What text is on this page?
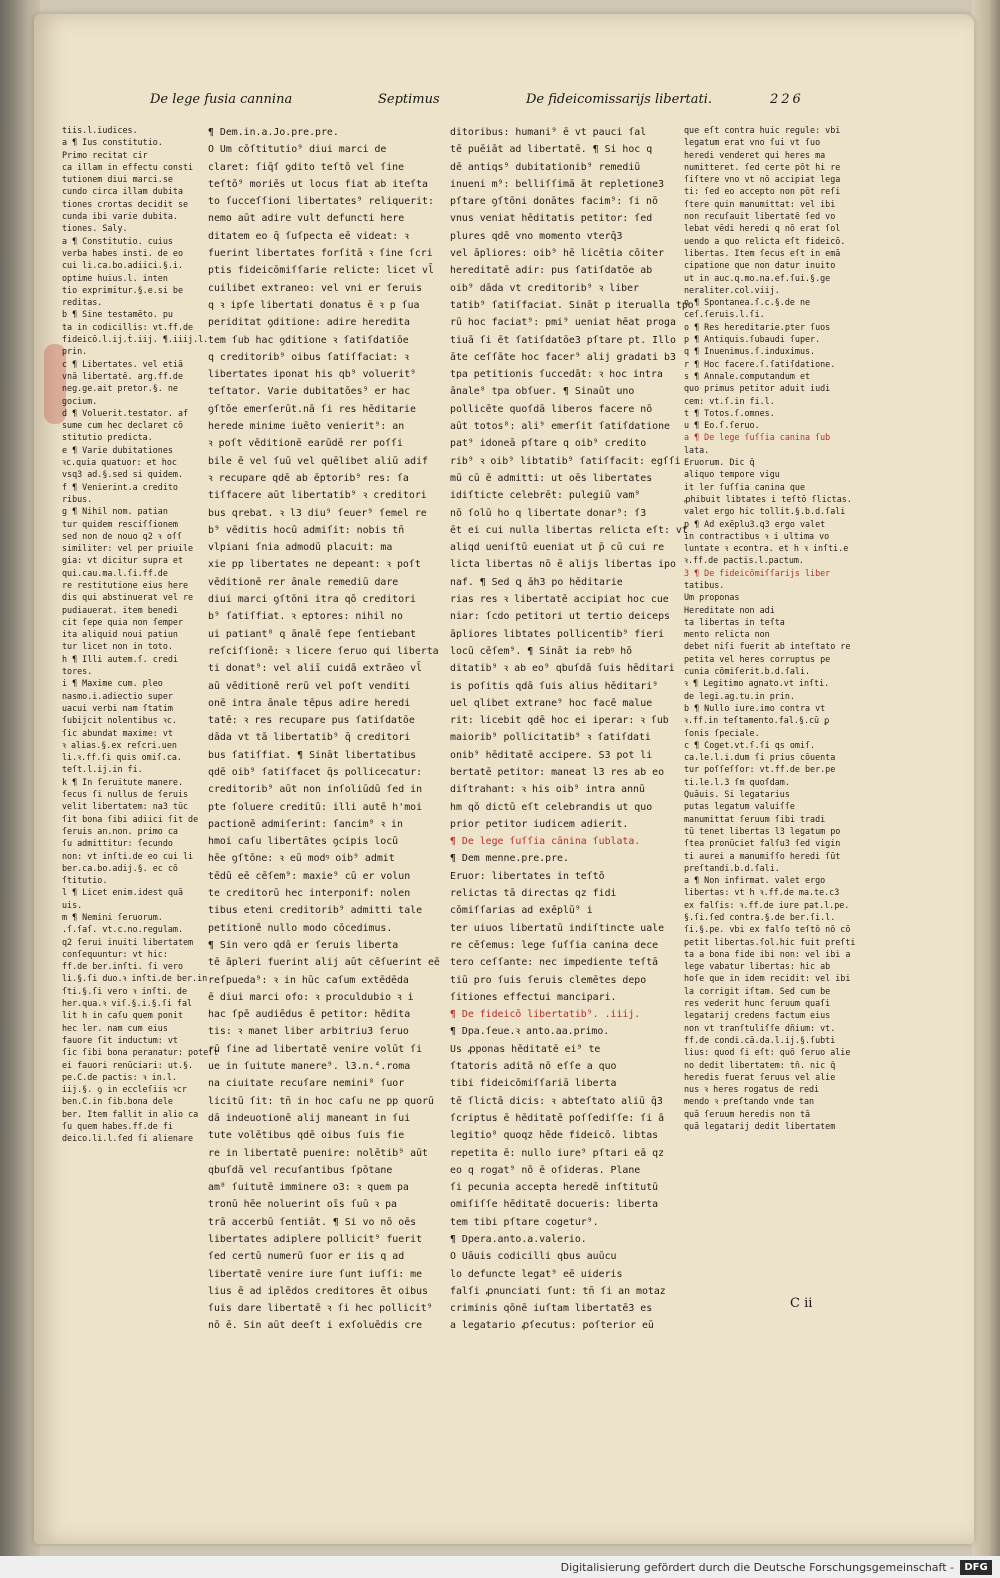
De lege fusia cannina	Septimus	De fideicomissarijs libertati.	226

tiis.l.iudices.

a ¶ Ius constitutio.

Primo recitat cir

ca illam in effectu consti

tutionem diui marci.se

cundo circa illam dubita

tiones crortas decidit se

cunda ibi varie dubita.

tiones. Saly.

a ¶ Constitutio. cuius

verba habes insti. de eo

cui li.ca.bo.adiici.§.i.

optime huius.l. inten

tio exprimitur.§.e.si be

reditas.

b ¶ Sine testamēto. pu

ta in codicillis: vt.ff.de

fideicō.l.ij.ṫ.iij. ¶.iiij.l.

prin.

c ¶ Libertates. vel etiā

vnā libertatē. arg.ff.de

neg.ge.ait pretor.§. ne

gocium.

d ¶ Voluerit.testator. af

sume cum hec declaret cō

stitutio predicta.

e ¶ Varie dubitationes

ꝛc.quia quatuor: et hoc

vsq3 ad.§.sed si quidem.

f ¶ Venierint.a credito

ribus.

g ¶ Nihil nom. patian

tur quidem resciſſionem

sed non de nouo q2 ꝛ oſſ

similiter: vel per priuile

gia: vt dicitur supra et

qui.cau.ma.l.ſi.ff.de

re restitutione eius here

dis qui abstinuerat vel re

pudiauerat. item benedi

cit ſepe quia non ſemper

ita aliquid noui patiun

tur licet non in toto.

h ¶ Illi autem.ſ. credi

tores.

i ¶ Maxime cum. pleo

nasmo.i.adiectio super

uacui verbi nam ſtatim

ſubijcit nolentibus ꝛc.

ſic abundat maxime: vt

ꝛ alias.§.ex reſcri.uen

li.ꝛ.ff.ſi quis omiſ.ca.

teſt.l.ij.in fi.

k ¶ In ſeruitute manere.

ſecus ſi nullus de ſeruis

velit libertatem: na3 tūc

ſit bona ſibi adiici ſit de

ſeruis an.non. primo ca

ſu admittitur: ſecundo

non: vt inſti.de eo cui li

ber.ca.bo.adij.§. ec cō

ſtitutio.

l ¶ Licet enim.idest quā

uis.

m ¶ Nemini ſeruorum.

.ſ.ſaſ. vt.c.no.regulam.

q2 ſerui inuiti libertatem

conſequuntur: vt hic:

ff.de ber.inſti. ſi vero

li.§.ſi duo.ꝛ inſti.de ber.in

ſti.§.ſi vero ꝛ inſti. de

her.qua.ꝛ viſ.§.i.§.ſi fal

lit h in caſu quem ponit

hec ler. nam cum eius

fauore ſit inductum: vt

ſic ſibi bona peranatur: poteſt

ei fauori renūciari: ut.§.

pe.C.de pactis: ꝛ in.l.

iij.§. ꝯ in eccleſiis ꝛcr

ben.C.in ſib.bona dele

ber. Item fallit in alio ca

ſu quem habes.ff.de fi

deico.li.l.ſed ſi alienare

¶ Dem.in.a.Jo.pre.pre.

O Um cōſtitutio⁹ diui marci de

claret: ſiq̄ſ ꝯdito teſtō vel ſine

teſtō⁹ moriēs ut locus fiat ab iteſta

to ſucceſſioni libertates⁹ reliquerit:

nemo aūt adire vult defuncti here

ditatem eo q̄ ſuſpecta eē videat: ꝛ

fuerint libertates forſitā ꝛ ſine ſcri

ptis fideicōmiſſarie relicte: licet vl̄

cuilibet extraneo: vel vni er ſeruis

q ꝛ ipſe libertati donatus ē ꝛ p ſua

periditat ꝯditione: adire heredita

tem ſub hac ꝯditione ꝛ ſatiſdatiōe

q creditorib⁹ oibus ſatiſfaciat: ꝛ

libertates iponat his qb⁹ voluerit⁹

teſtator. Varie dubitatōes⁹ er hac

ꝯſtōe emerſerūt.nā ſi res hēditarie

herede minime iuēto venierit⁹: an

ꝛ poſt vēditionē earūdē rer poſſi

bile ē vel ſuū vel quēlibet aliū adif

ꝛ recupare qdē ab ēptorib⁹ res: ſa

tiſfacere aūt libertatib⁹ ꝛ creditori

bus qrebat. ꝛ l3 diu⁹ ſeuer⁹ ſemel re

b⁹ vēditis hocū admiſit: nobis tn̄

vlpiani ſnia admodū placuit: ma

xie pp libertates ne depeant: ꝛ poſt

vēditionē rer ānale remediū dare

diui marci ꝯſtōni itra qō creditori

b⁹ ſatiſfiat. ꝛ eptores: nihil no

ui patiant⁸ q ānalē ſepe ſentiebant

reſciſſionē: ꝛ licere ſeruo qui liberta

ti donat⁹: vel aliī cuidā extrāeo vl̄

aū vēditionē rerū vel poſt venditi

onē intra ānale tēpus adire heredi

tatē: ꝛ res recupare pus ſatiſdatōe

dāda vt tā libertatib⁹ q̄ creditori

bus ſatiſfiat. ¶ Sināt libertatibus

qdē oib⁹ ſatiſfacet q̄s pollicecatur:

creditorib⁹ aūt non inſoliūdū ſed in

pte ſoluere creditū: illi autē h'moi

pactionē admiſerint: ſancim⁹ ꝛ in

hmoi caſu libertātes ꝯcipis locū

hēe ꝯſtōne: ꝛ eū modꝰ oib⁹ admit

tēdū eē cēſem⁹: maxie⁹ cū er volun

te creditorū hec interponif: nolen

tibus eteni creditorib⁹ admitti tale

petitionē nullo modo cōcedimus.

¶ Sin vero qdā er ſeruis liberta

tē āpleri fuerint alij aūt cēſuerint eē

reſpueda⁹: ꝛ in hūc caſum extēdēda

ē diui marci ofo: ꝛ proculdubio ꝛ i

hac ſpē audiēdus ē petitor: hēdita

tis: ꝛ manet liber arbitriu3 ſeruo

rū ſine ad libertatē venire volūt ſi

ue in ſuitute manere⁹. l3.n.⁴.roma

na ciuitate recuſare nemini⁸ ſuor

licitū ſit: tn̄ in hoc caſu ne pp quorū

dā indeuotionē alij maneant in ſui

tute volētibus qdē oibus ſuis fie

re in libertatē puenire: nolētib⁹ aūt

qbuſdā vel recuſantibus ſpōtane

am⁸ ſuitutē imminere o3: ꝛ quem pa

tronū hēe noluerint oīs ſuū ꝛ pa

trā accerbū ſentiāt. ¶ Si vo nō oēs

libertates adiplere pollicit⁹ fuerit

ſed certū numerū ſuor er iis q ad

libertatē venire iure ſunt iuſſi: me

lius ē ad iplēdos creditores ēt oibus

ſuis dare libertatē ꝛ ſi hec pollicit⁹

nō ē. Sin aūt deeſt i exſoluēdis cre

ditoribus: humani⁹ ē vt pauci ſal

tē puēiāt ad libertatē. ¶ Si hoc q

dē antiqs⁹ dubitationib⁹ remediū

inueni m⁹: belliſſimā āt repletione3

pſtare ꝯſtōni donātes facim⁹: ſi nō

vnus veniat hēditatis petitor: ſed

plures qdē vno momento vterq̄3

vel āpliores: oib⁹ hē licētia cōiter

hereditatē adir: pus ſatiſdatōe ab

oib⁹ dāda vt creditorib⁹ ꝛ liber

tatib⁹ ſatiſfaciat. Sināt p iterualla tpo

rū hoc faciat⁹: pmi⁹ ueniat hēat proga

tiuā ſi ēt ſatiſdatōe3 pſtare pt. Illo

āte ceſſāte hoc facer⁹ alij gradati b3

tpa petitionis ſuccedāt: ꝛ hoc intra

ānale⁸ tpa obſuer. ¶ Sinaūt uno

pollicēte quoſdā liberos facere nō

aūt totos⁸: ali⁹ emerſit ſatiſdatione

pat⁹ idoneā pſtare q oib⁹ credito

rib⁹ ꝛ oib⁹ libtatib⁹ ſatiſfacit: egſſi

mū cū ē admitti: ut oēs libertates

idiſticte celebrēt: pulegiū vam⁹

nō ſolū ho q libertate donar⁹: ſ3

ēt ei cui nulla libertas relicta eſt: vt

aliqd ueniſtū eueniat ut p̄ cū cui re

licta libertas nō ē alijs libertas ipo

naf. ¶ Sed ꝗ āh3 po hēditarie

rias res ꝛ libertatē accipiat hoc cue

niar: ſcdo petitori ut tertio deiceps

āpliores libtates pollicentib⁹ fieri

locū cēſem⁹. ¶ Sināt ia rebꝰ hō

ditatib⁹ ꝛ ab eo⁹ qbuſdā ſuis hēditari

is poſitis qdā ſuis alius hēditari⁹

uel qlibet extrane⁹ hoc facē malue

rit: licebit qdē hoc ei iperar: ꝛ ſub

maiorib⁹ pollicitatib⁹ ꝛ ſatiſdati

onib⁹ hēditatē accipere. S3 pot li

bertatē petitor: maneat l3 res ab eo

diſtrahant: ꝛ his oib⁹ intra annū

hm qō dictū eſt celebrandis ut quo

prior petitor iudicem adierit.

¶ De lege ſuſſia cānina ſublata.

¶ Dem menne.pre.pre.

Eruor: libertates in teſtō

relictas tā directas qz fidi

cōmiſſarias ad exēplū⁹ i

ter uiuos libertatū indiſtincte uale

re cēſemus: lege ſuſſia canina dece

tero ceſſante: nec impediente teſtā

tiū pro ſuis ſeruis clemētes depo

ſitiones effectui mancipari.

¶ De fideicō libertatib⁹. .iiij.

¶ Dpa.ſeue.ꝛ anto.aa.primo.

Us ꝓponas hēditatē ei⁹ te

ſtatoris aditā nō eſſe a quo

tibi fideicōmiſſariā liberta

tē ſlictā dicis: ꝛ abteſtato aliū q̄3

ſcriptus ē hēditatē poſſediſſe: ſi ā

legitio⁸ quoqz hēde fideicō. libtas

repetita ē: nullo iure⁹ pſtari eā qz

eo q rogat⁹ nō ē oſideras. Plane

ſi pecunia accepta heredē inſtitutū

omiſiſſe hēditatē docueris: liberta

tem tibi pſtare cogetur⁹.

¶ Dpera.anto.a.valerio.

O Uāuis codicilli qbus auūcu

lo defuncte legat⁹ eē uideris

falſi ꝓnunciati ſunt: tn̄ ſi an motaz

criminis qōnē iuſtam libertatē3 es

a legatario ꝓſecutus: poſterior eū

que eſt contra huic regule: vbi

legatum erat vno ſui vt ſuo

heredi venderet qui heres ma

numitteret. ſed certe pōt hi re

ſiſtere vno vt nō accipiat lega

ti: ſed eo accepto non pōt reſi

ſtere quin manumittat: vel ibi

non recuſauit libertatē ſed vo

lebat vēdi heredi q nō erat ſol

uendo a quo relicta eſt fideicō.

libertas. Item ſecus eſt in emā

cipatione que non datur inuito

ut in auc.q.mo.na.ef.ſui.§.ge

neraliter.col.viij.

n ¶ Spontanea.ſ.c.§.de ne

ceſ.ſeruis.l.ſi.

o ¶ Res hereditarie.pter ſuos

p ¶ Antiquis.ſubaudi ſuper.

q ¶ Inuenimus.ſ.induximus.

r ¶ Hoc facere.ſ.ſatiſdatione.

s ¶ Annale.computandum et

quo primus petitor aduit iudi

cem: vt.ſ.in fi.l.

t ¶ Totos.ſ.omnes.

u ¶ Eo.ſ.ſeruo.

a ¶ De lege ſuſſia canina ſub

lata.

Eruorum. Dic q̄

aliquo tempore vigu

it ler ſuſſia canina que

ꝓhibuit libtates i teſtō ſlictas.

valet ergo hic tollit.§.b.d.ſali

p ¶ Ad exēplu3.q3 ergo valet

in contractibus ꝛ i ultima vo

luntate ꝛ econtra. et h ꝛ inſti.e

ꝛ.ff.de pactis.l.pactum.

3 ¶ De fideicōmiſſarijs liber

tatibus.

Um proponas

Hereditate non adi

ta libertas in teſta

mento relicta non

debet niſi fuerit ab inteſtato re

petita vel heres corruptus pe

cunia cōmiſerit.b.d.ſali.

ꝛ ¶ Legitimo agnato.vt inſti.

de legi.ag.tu.in prin.

b ¶ Nullo iure.imo contra vt

ꝛ.ff.in teſtamento.fal.§.cū ꝑ

ſonis ſpeciale.

c ¶ Coget.vt.ſ.ſi qs omiſ.

ca.le.l.i.dum ſi prius cōuenta

tur poſſeſſor: vt.ff.de ber.pe

ti.le.l.3 ſm quoſdam.

Quāuis. Si legatarius

putas legatum valuiſſe

manumittat ſeruum ſibi tradi

tū tenet libertas l3 legatum po

ſtea pronūciet falſu3 ſed vigin

ti aurei a manumiſſo heredi ſūt

preſtandi.b.d.ſali.

a ¶ Non infirmat. valet ergo

libertas: vt h ꝛ.ff.de ma.te.c3

ex falſis: ꝛ.ff.de iure pat.l.pe.

§.ſi.ſed contra.§.de ber.ſi.l.

ſi.§.pe. vbi ex falſo teſtō nō cō

petit libertas.ſol.hic fuit preſti

ta a bona fide ibi non: vel ibi a

lege vabatur libertas: hic ab

hoſe que in idem recidit: vel ibi

la corrigit iſtam. Sed cum be

res vederit hunc ſeruum quaſi

legatarij credens factum eius

non vt tranſtuliſſe dñium: vt.

ff.de condi.cā.da.l.ij.§.ſubti

lius: quod ſi eſt: quō ſeruo alie

no dedit libertatem: tn̄. nic q̄

heredis fuerat ſeruus vel alie

nus ꝛ heres rogatus de redi

mendo ꝛ preſtando vnde tan

quā ſeruum heredis non tā

quā legatarij dedit libertatem

C ii
Digitalisierung gefördert durch die Deutsche Forschungsgemeinschaft -	DFG
